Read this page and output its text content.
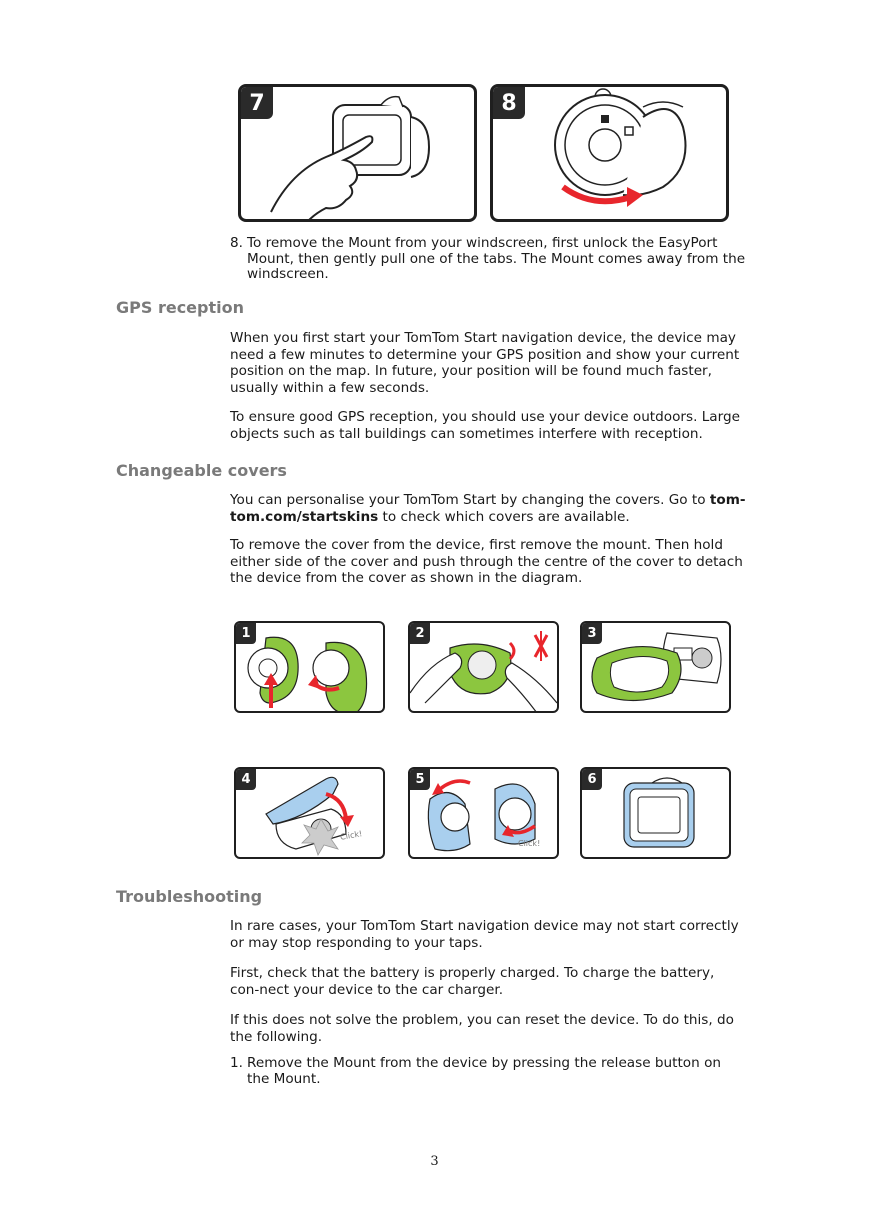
7	8
8. To remove the Mount from your windscreen, first unlock the EasyPort Mount, then gently pull one of the tabs. The Mount comes away from the windscreen.
GPS reception
When you first start your TomTom Start navigation device, the device may need a few minutes to determine your GPS position and show your current position on the map. In future, your position will be found much faster, usually within a few seconds.
To ensure good GPS reception, you should use your device outdoors. Large objects such as tall buildings can sometimes interfere with reception.
Changeable covers
You can personalise your TomTom Start by changing the covers. Go to tom-tom.com/startskins to check which covers are available.
To remove the cover from the device, first remove the mount. Then hold either side of the cover and push through the centre of the cover to detach the device from the cover as shown in the diagram.
1	2	3
4
Click!
5
Click!
6
Troubleshooting
In rare cases, your TomTom Start navigation device may not start correctly or may stop responding to your taps.
First, check that the battery is properly charged. To charge the battery, con-nect your device to the car charger.
If this does not solve the problem, you can reset the device. To do this, do the following.
1. Remove the Mount from the device by pressing the release button on the Mount.
3
